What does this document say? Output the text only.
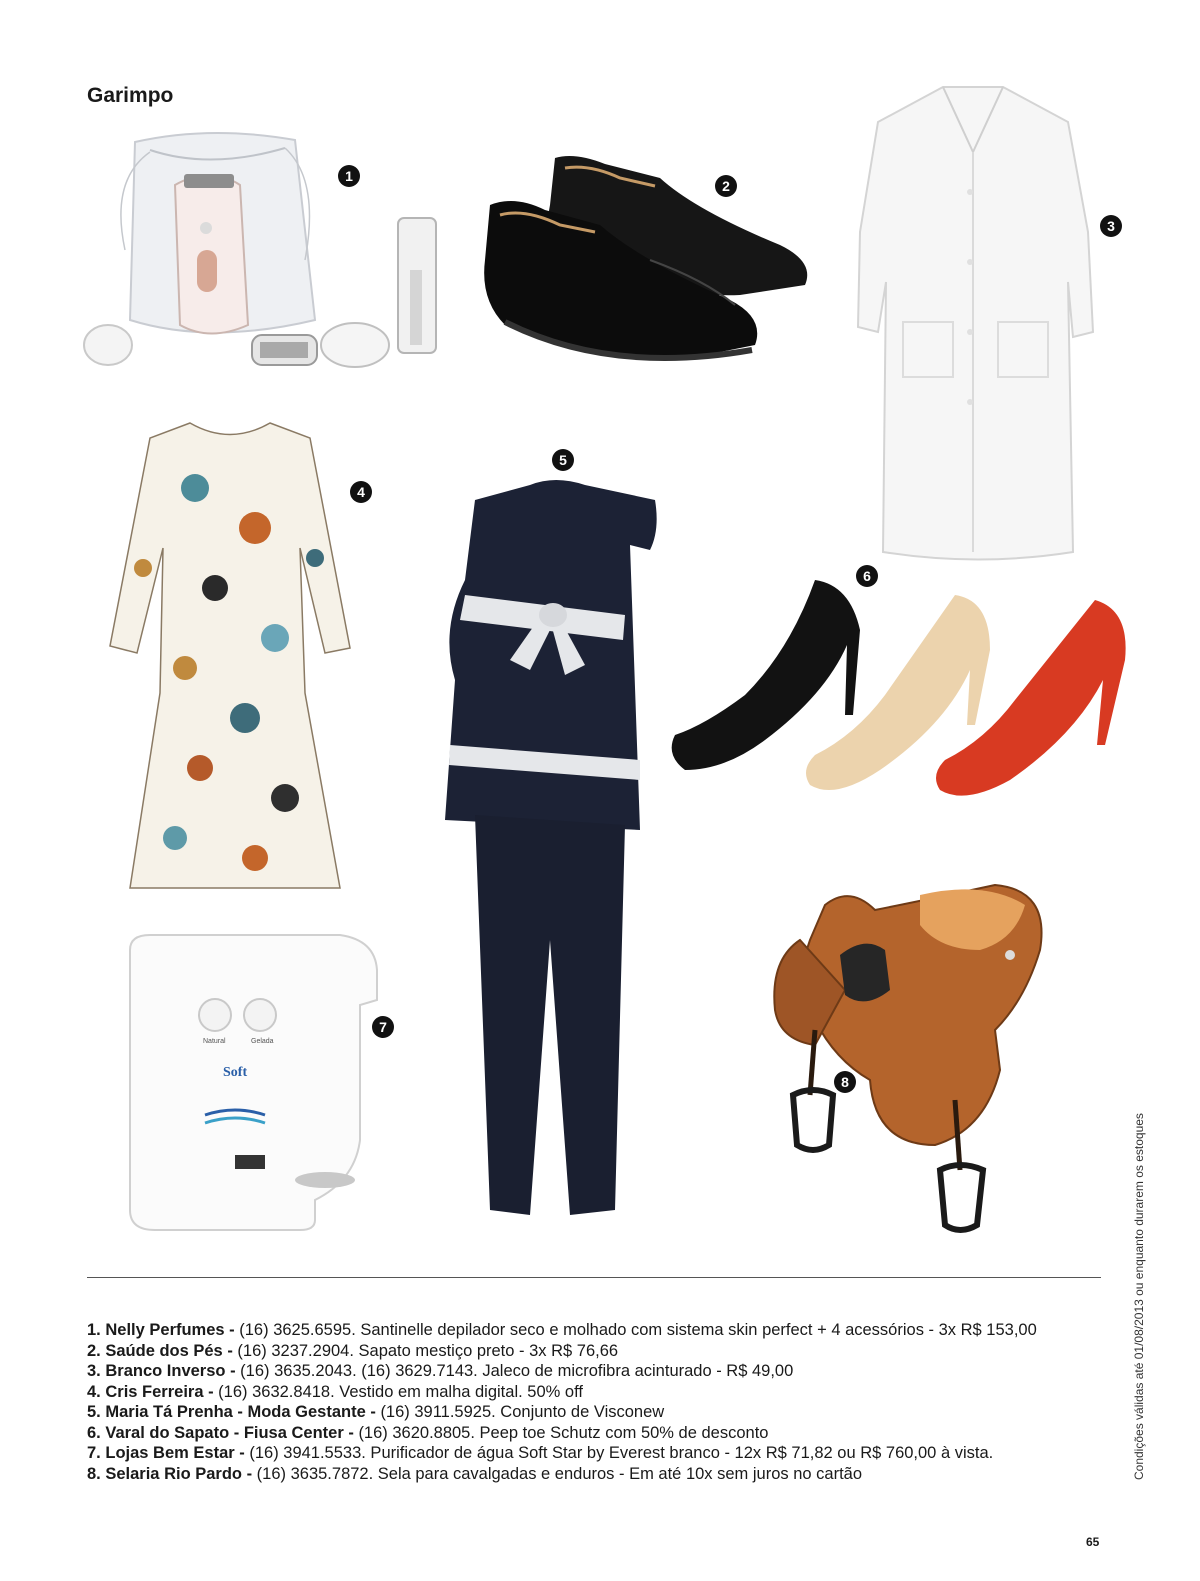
Garimpo
1
2
3
4
5
6
Natural	Gelada
Soft
7
8
1. Nelly Perfumes - (16) 3625.6595. Santinelle depilador seco e molhado com sistema skin perfect + 4 acessórios - 3x R$ 153,00
2. Saúde dos Pés - (16) 3237.2904. Sapato mestiço preto - 3x R$ 76,66
3. Branco Inverso - (16) 3635.2043. (16) 3629.7143. Jaleco de microfibra acinturado - R$ 49,00
4. Cris Ferreira - (16) 3632.8418. Vestido em malha digital. 50% off
5. Maria Tá Prenha - Moda Gestante - (16) 3911.5925. Conjunto de Visconew
6. Varal do Sapato - Fiusa Center - (16) 3620.8805. Peep toe Schutz com 50% de desconto
7. Lojas Bem Estar - (16) 3941.5533. Purificador de água Soft Star by Everest branco - 12x R$ 71,82 ou R$ 760,00 à vista.
8. Selaria Rio Pardo - (16) 3635.7872. Sela para cavalgadas e enduros - Em até 10x sem juros no cartão	Condições válidas até 01/08/2013 ou enquanto durarem os estoques
65
